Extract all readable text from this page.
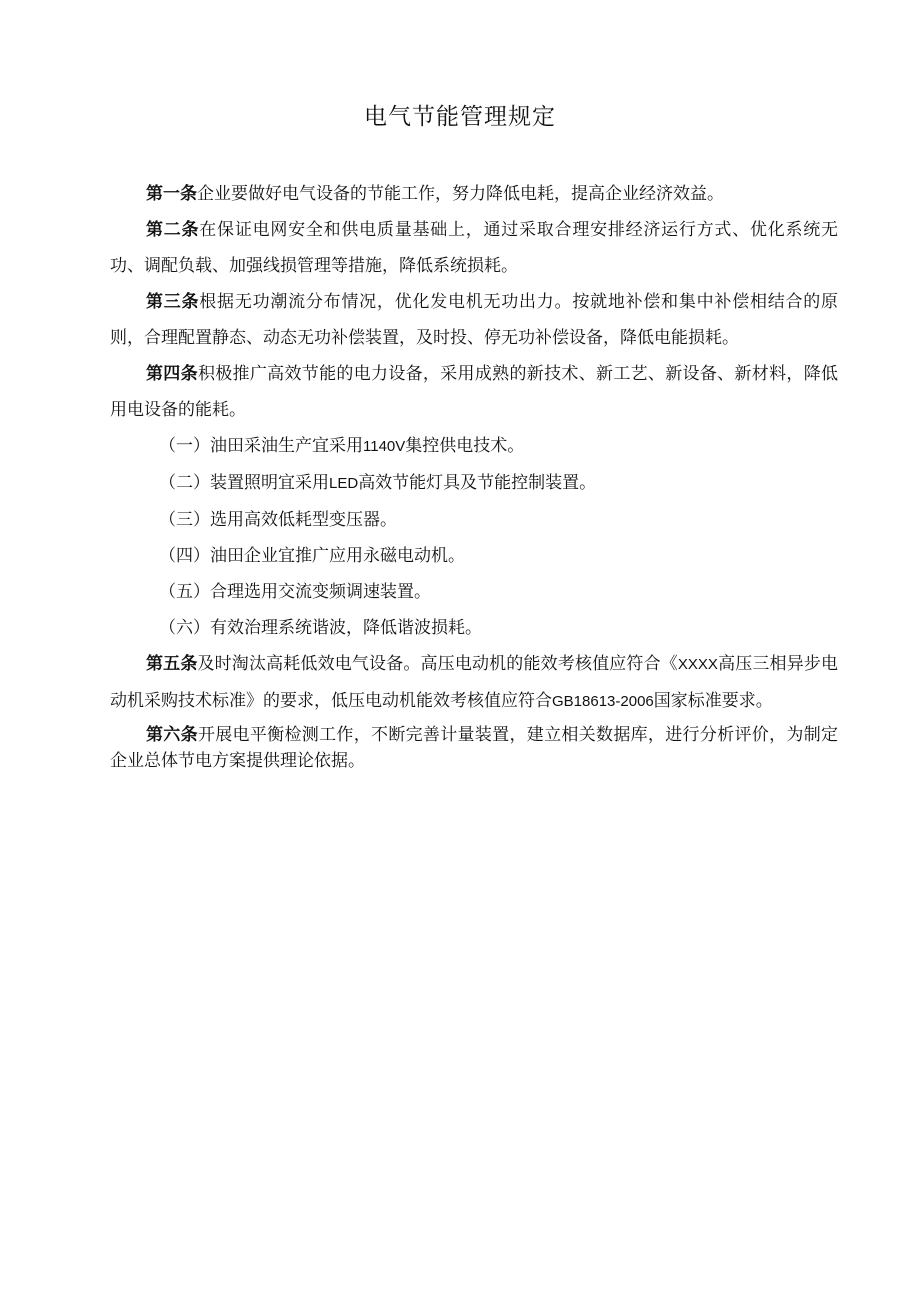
电气节能管理规定

第一条企业要做好电气设备的节能工作，努力降低电耗，提高企业经济效益。

第二条在保证电网安全和供电质量基础上，通过采取合理安排经济运行方式、优化系统无功、调配负载、加强线损管理等措施，降低系统损耗。

第三条根据无功潮流分布情况，优化发电机无功出力。按就地补偿和集中补偿相结合的原则，合理配置静态、动态无功补偿装置，及时投、停无功补偿设备，降低电能损耗。

第四条积极推广高效节能的电力设备，采用成熟的新技术、新工艺、新设备、新材料，降低用电设备的能耗。

（一）油田采油生产宜采用1140V集控供电技术。

（二）装置照明宜采用LED高效节能灯具及节能控制装置。

（三）选用高效低耗型变压器。

（四）油田企业宜推广应用永磁电动机。

（五）合理选用交流变频调速装置。

（六）有效治理系统谐波，降低谐波损耗。

第五条及时淘汰高耗低效电气设备。高压电动机的能效考核值应符合《XXXX高压三相异步电动机采购技术标准》的要求，低压电动机能效考核值应符合GB18613-2006国家标准要求。

第六条开展电平衡检测工作，不断完善计量装置，建立相关数据库，进行分析评价，为制定企业总体节电方案提供理论依据。
